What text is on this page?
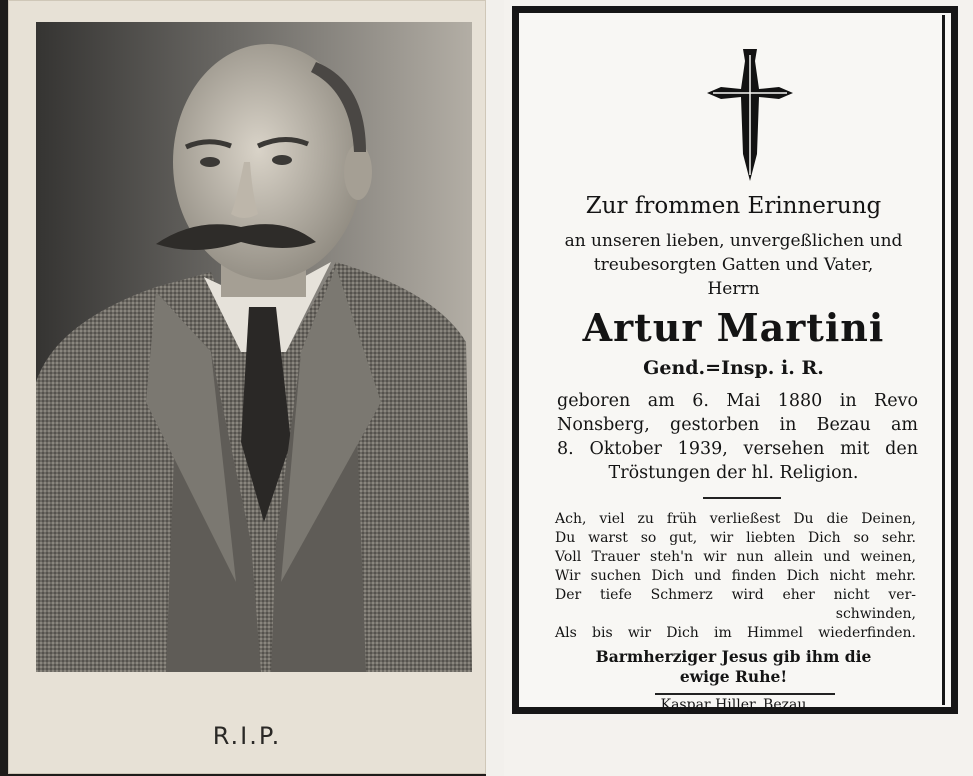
R.I.P.
Zur frommen Erinnerung
an unseren lieben, unvergeßlichen und
treubesorgten Gatten und Vater,
Herrn
Artur Martini
Gend.=Insp. i. R.
geboren am 6. Mai 1880 in Revo
Nonsberg, gestorben in Bezau am
8. Oktober 1939, versehen mit den
Tröstungen der hl. Religion.
Ach, viel zu früh verließest Du die Deinen,
Du warst so gut, wir liebten Dich so sehr.
Voll Trauer steh'n wir nun allein und weinen,
Wir suchen Dich und finden Dich nicht mehr.
Der tiefe Schmerz wird eher nicht ver-
schwinden,
Als bis wir Dich im Himmel wiederfinden.
Barmherziger Jesus gib ihm die
ewige Ruhe!
Kaspar Hiller, Bezau
